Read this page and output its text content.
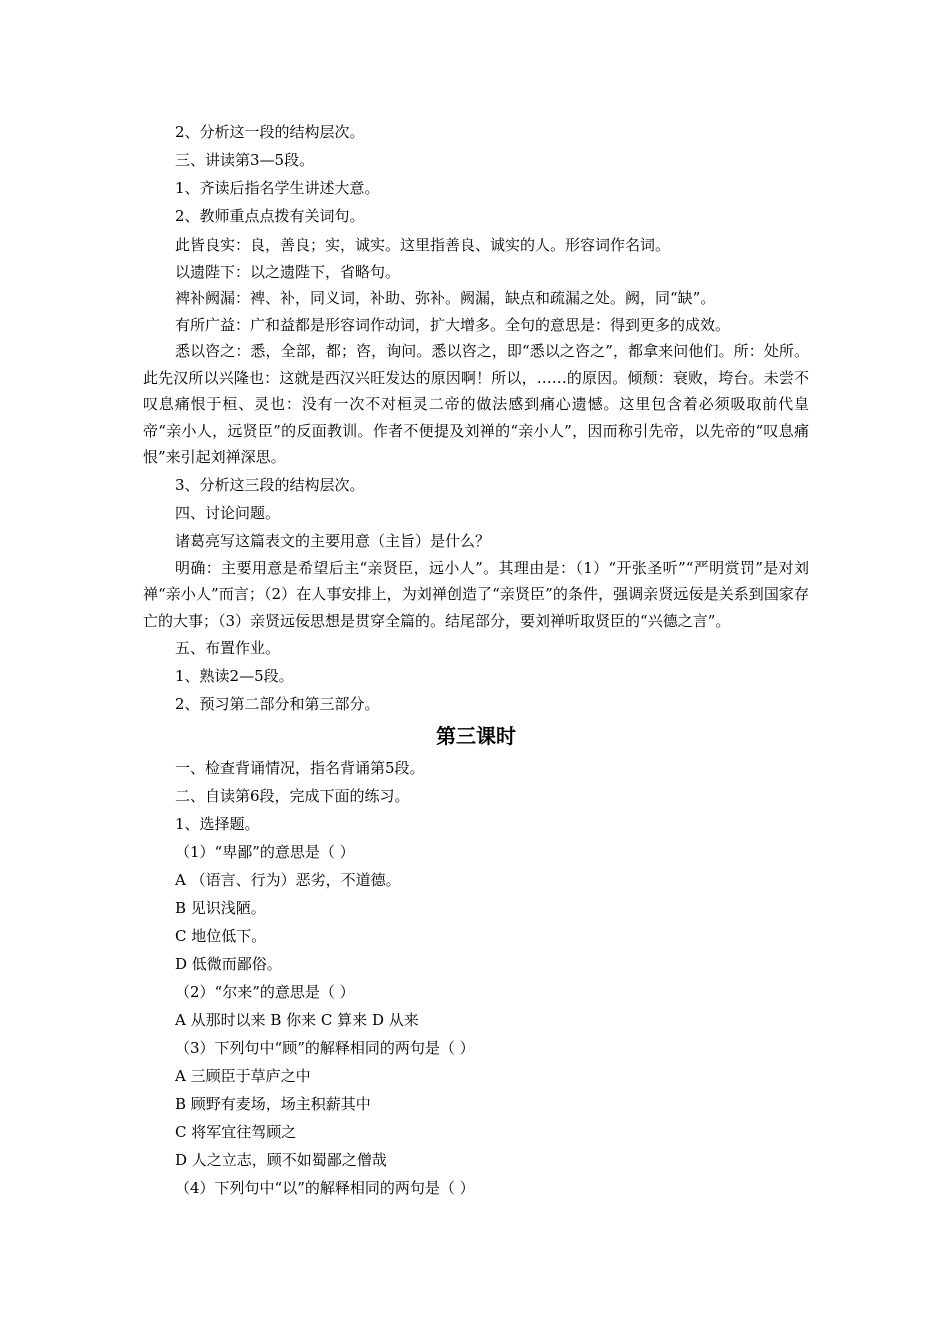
2、分析这一段的结构层次。
三、讲读第3—5段。
1、齐读后指名学生讲述大意。
2、教师重点点拨有关词句。
此皆良实：良，善良；实，诚实。这里指善良、诚实的人。形容词作名词。
以遗陛下：以之遗陛下，省略句。
裨补阙漏：裨、补，同义词，补助、弥补。阙漏，缺点和疏漏之处。阙，同“缺”。
有所广益：广和益都是形容词作动词，扩大增多。全句的意思是：得到更多的成效。
悉以咨之：悉，全部，都；咨，询问。悉以咨之，即“悉以之咨之”，都拿来问他们。所：处所。此先汉所以兴隆也：这就是西汉兴旺发达的原因啊！所以，……的原因。倾颓：衰败，垮台。未尝不叹息痛恨于桓、灵也：没有一次不对桓灵二帝的做法感到痛心遗憾。这里包含着必须吸取前代皇帝“亲小人，远贤臣”的反面教训。作者不便提及刘禅的“亲小人”，因而称引先帝，以先帝的“叹息痛恨”来引起刘禅深思。
3、分析这三段的结构层次。
四、讨论问题。
诸葛亮写这篇表文的主要用意（主旨）是什么？
明确：主要用意是希望后主“亲贤臣，远小人”。其理由是：（1）“开张圣听”“严明赏罚”是对刘禅“亲小人”而言；（2）在人事安排上，为刘禅创造了“亲贤臣”的条件，强调亲贤远佞是关系到国家存亡的大事；（3）亲贤远佞思想是贯穿全篇的。结尾部分，要刘禅听取贤臣的“兴德之言”。
五、布置作业。
1、熟读2—5段。
2、预习第二部分和第三部分。
第三课时
一、检查背诵情况，指名背诵第5段。
二、自读第6段，完成下面的练习。
1、选择题。
（1）“卑鄙”的意思是（ ）
A （语言、行为）恶劣，不道德。
B 见识浅陋。
C 地位低下。
D 低微而鄙俗。
（2）“尔来”的意思是（ ）
A 从那时以来 B 你来 C 算来 D 从来
（3）下列句中“顾”的解释相同的两句是（ ）
A 三顾臣于草庐之中
B 顾野有麦场，场主积薪其中
C 将军宜往驾顾之
D 人之立志，顾不如蜀鄙之僧哉
（4）下列句中“以”的解释相同的两句是（ ）
